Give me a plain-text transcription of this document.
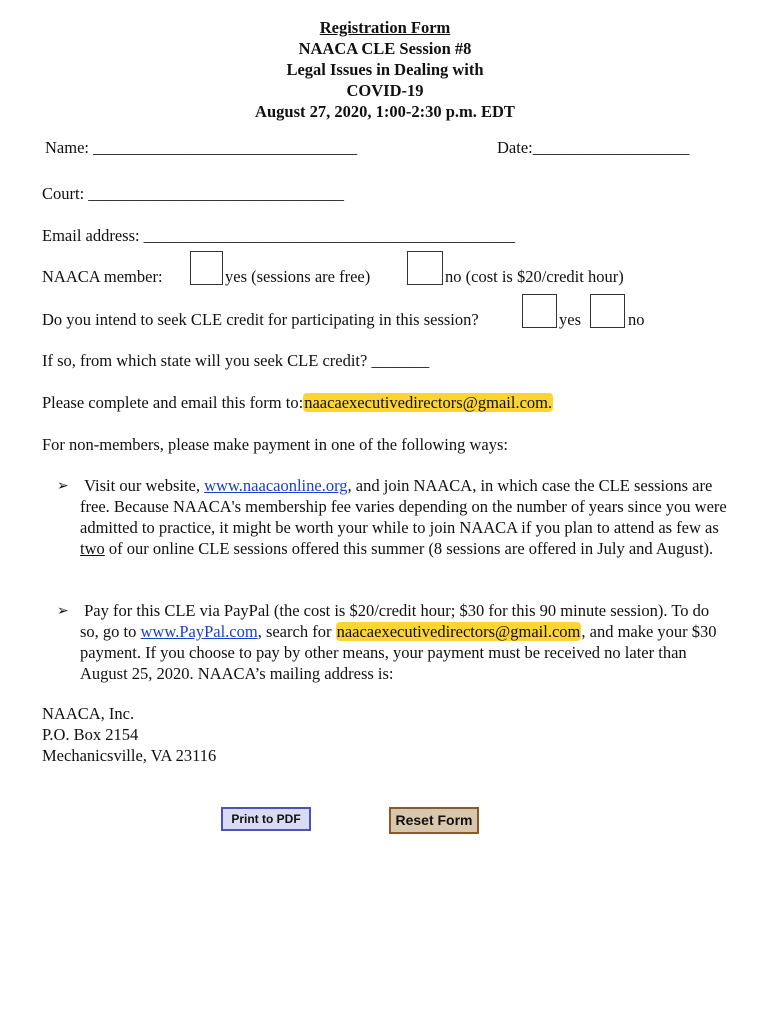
Registration Form
NAACA CLE Session #8
Legal Issues in Dealing with
COVID-19
August 27, 2020, 1:00-2:30 p.m. EDT
Name: ________________________________	Date:___________________
Court: _______________________________
Email address: _____________________________________________
NAACA member:	yes (sessions are free)	no (cost is $20/credit hour)
Do you intend to seek CLE credit for participating in this session?	yes	no
If so, from which state will you seek CLE credit? _______
Please complete and email this form to:naacaexecutivedirectors@gmail.com.
For non-members, please make payment in one of the following ways:
➢ Visit our website, www.naacaonline.org, and join NAACA, in which case the CLE sessions are free. Because NAACA's membership fee varies depending on the number of years since you were admitted to practice, it might be worth your while to join NAACA if you plan to attend as few as two of our online CLE sessions offered this summer (8 sessions are offered in July and August).
➢ Pay for this CLE via PayPal (the cost is $20/credit hour; $30 for this 90 minute session). To do so, go to www.PayPal.com, search for naacaexecutivedirectors@gmail.com, and make your $30 payment. If you choose to pay by other means, your payment must be received no later than August 25, 2020. NAACA’s mailing address is:
NAACA, Inc.
P.O. Box 2154
Mechanicsville, VA 23116
Print to PDF	Reset Form
